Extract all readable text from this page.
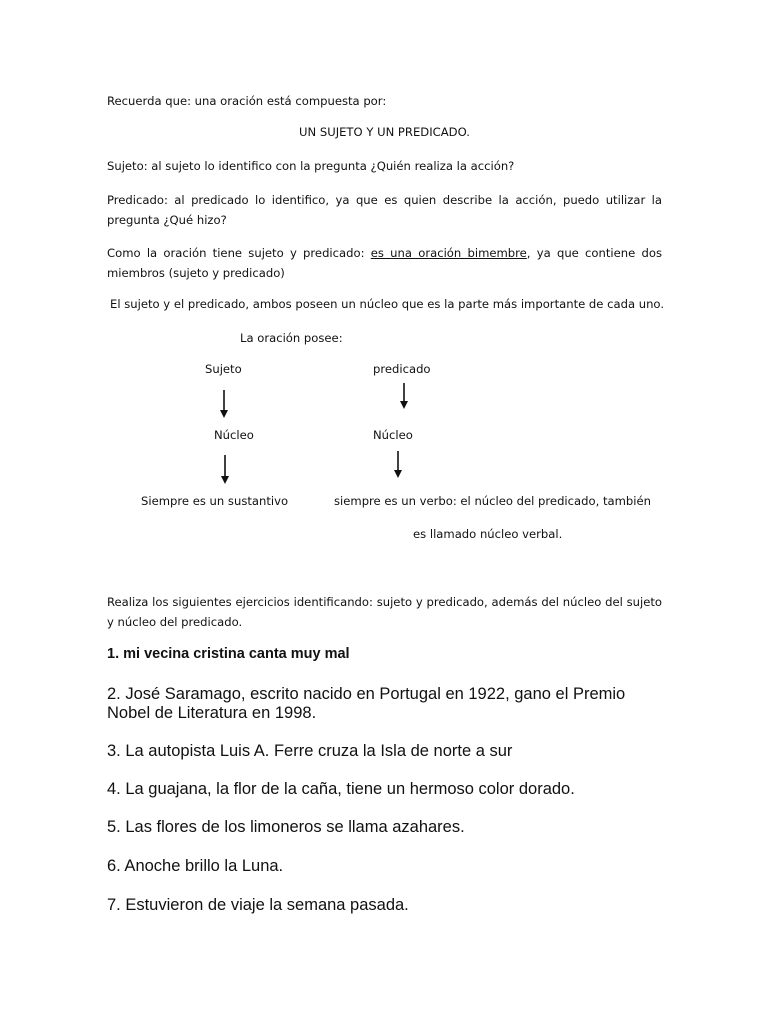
Recuerda que: una oración está compuesta por:
UN SUJETO Y UN PREDICADO.
Sujeto: al sujeto lo identifico con la pregunta ¿Quién realiza la acción?
Predicado: al predicado lo identifico, ya que es quien describe la acción, puedo utilizar la pregunta ¿Qué hizo?
Como la oración tiene sujeto y predicado: es una oración bimembre, ya que contiene dos miembros (sujeto y predicado)
El sujeto y el predicado, ambos poseen un núcleo que es la parte más importante de cada uno.
La oración posee:
Sujeto	predicado
Núcleo	Núcleo
Siempre es un sustantivo	siempre es un verbo: el núcleo del predicado, también
es llamado núcleo verbal.
Realiza los siguientes ejercicios identificando: sujeto y predicado, además del núcleo del sujeto y núcleo del predicado.
1. mi vecina cristina canta muy mal
2. José Saramago, escrito nacido en Portugal en 1922, gano el Premio Nobel de Literatura en 1998.
3. La autopista Luis A. Ferre cruza la Isla de norte a sur
4. La guajana, la flor de la caña, tiene un hermoso color dorado.
5. Las flores de los limoneros se llama azahares.
6. Anoche brillo la Luna.
7. Estuvieron de viaje la semana pasada.
